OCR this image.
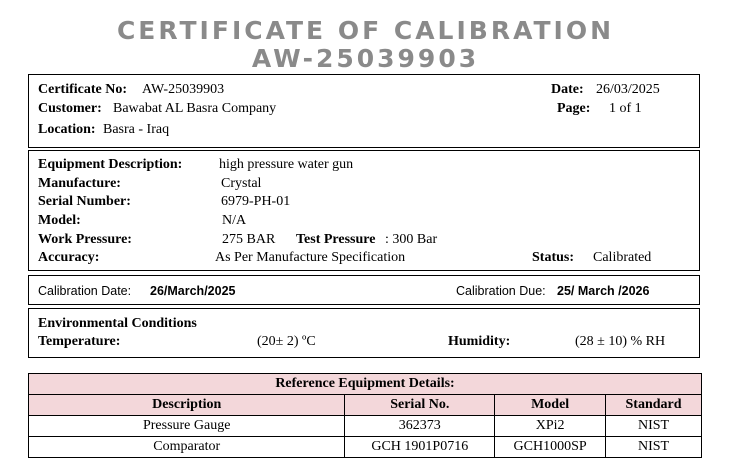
CERTIFICATE OF CALIBRATION
AW-25039903
Certificate No: AW-25039903
Customer: Bawabat AL Basra Company
Location: Basra - Iraq
Date: 26/03/2025
Page: 1 of 1
Equipment Description:	high pressure water gun
Manufacture:	Crystal
Serial Number:	6979-PH-01
Model:	N/A
Work Pressure:	275 BAR Test Pressure : 300 Bar
Accuracy:	As Per Manufacture Specification	Status: Calibrated
Calibration Date: 26/March/2025	Calibration Due: 25/ March /2026
Environmental Conditions
Temperature:	(20± 2) ºC	Humidity:	(28 ± 10) % RH
Reference Equipment Details:			
Description	Serial No.	Model	Standard
Pressure Gauge	362373	XPi2	NIST
Comparator	GCH 1901P0716	GCH1000SP	NIST
